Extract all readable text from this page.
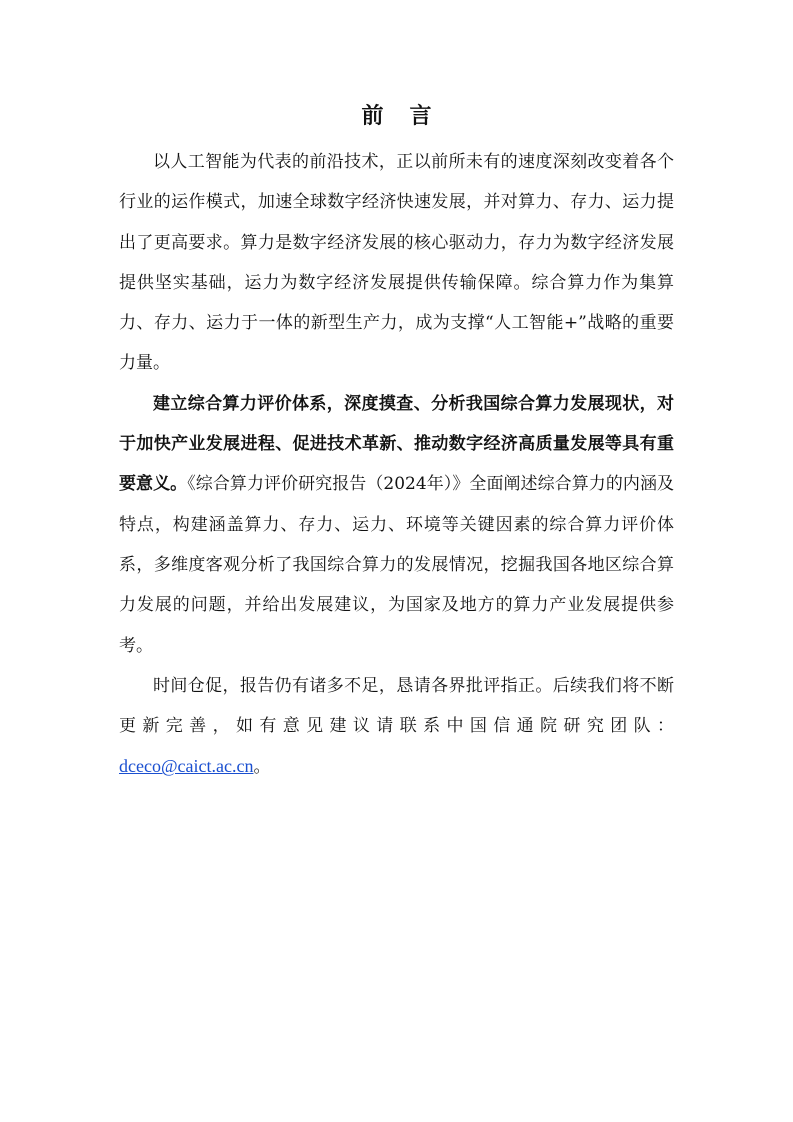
前 言

以人工智能为代表的前沿技术，正以前所未有的速度深刻改变着各个行业的运作模式，加速全球数字经济快速发展，并对算力、存力、运力提出了更高要求。算力是数字经济发展的核心驱动力，存力为数字经济发展提供坚实基础，运力为数字经济发展提供传输保障。综合算力作为集算力、存力、运力于一体的新型生产力，成为支撑“人工智能+”战略的重要力量。

建立综合算力评价体系，深度摸查、分析我国综合算力发展现状，对于加快产业发展进程、促进技术革新、推动数字经济高质量发展等具有重要意义。《综合算力评价研究报告（2024年）》全面阐述综合算力的内涵及特点，构建涵盖算力、存力、运力、环境等关键因素的综合算力评价体系，多维度客观分析了我国综合算力的发展情况，挖掘我国各地区综合算力发展的问题，并给出发展建议，为国家及地方的算力产业发展提供参考。

时间仓促，报告仍有诸多不足，恳请各界批评指正。后续我们将不断更新完善，如有意见建议请联系中国信通院研究团队：

dceco@caict.ac.cn。
